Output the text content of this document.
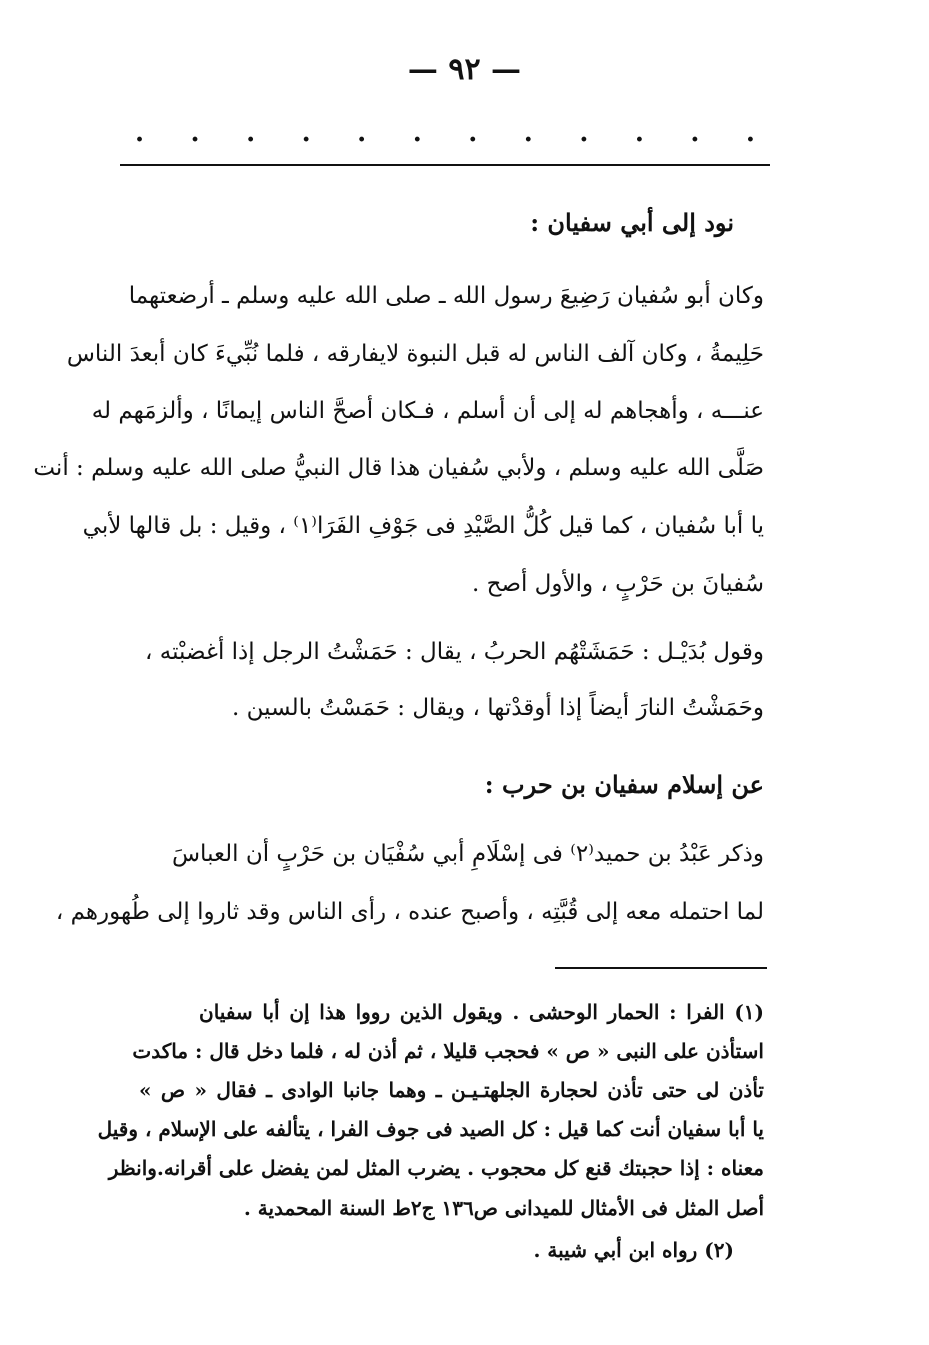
— ٩٢ —
. . . . . . . . . . . .
نود إلى أبي سفيان :
وكان أبو سُفيان رَضِيعَ رسول الله ـ صلى الله عليه وسلم ـ أرضعتهما
حَلِيمةُ ، وكان آلف الناس له قبل النبوة لايفارقه ، فلما نُبِّيءَ كان أبعدَ الناس
عنـــه ، وأهجاهم له إلى أن أسلم ، فـكان أصحَّ الناس إيمانًا ، وألزمَهم له
صَلَّى الله عليه وسلم ، ولأبي سُفيان هذا قال النبيُّ صلى الله عليه وسلم : أنت
يا أبا سُفيان ، كما قيل كُلُّ الصَّيْدِ فى جَوْفِ الفَرَا⁽١⁾ ، وقيل : بل قالها لأبي
سُفيانَ بن حَرْبٍ ، والأول أصح .
وقول بُدَيْـل : حَمَشَتْهُم الحربُ ، يقال : حَمَشْتُ الرجل إذا أغضبْته ،
وحَمَشْتُ النارَ أيضاً إذا أوقدْتها ، ويقال : حَمَسْتُ بالسين .
عن إسلام سفيان بن حرب :
وذكر عَبْدُ بن حميد⁽٢⁾ فى إسْلَامِ أبي سُفْيَان بن حَرْبٍ أن العباسَ
لما احتمله معه إلى قُبَّتِه ، وأصبح عنده ، رأى الناس وقد ثاروا إلى طُهورهم ،
(١) الفرا : الحمار الوحشى . ويقول الذين رووا هذا إن أبا سفيان
استأذن على النبى « ص » فحجب قليلا ، ثم أذن له ، فلما دخل قال : ماكدت
تأذن لى حتى تأذن لحجارة الجلهتـيـن ـ وهما جانبا الوادى ـ فقال « ص »
يا أبا سفيان أنت كما قيل : كل الصيد فى جوف الفرا ، يتألفه على الإسلام ، وقيل
معناه : إذا حجبتك قنع كل محجوب . يضرب المثل لمن يفضل على أقرانه.وانظر
أصل المثل فى الأمثال للميدانى ص١٣٦ ج٢ط السنة المحمدية .
(٢) رواه ابن أبي شيبة .
